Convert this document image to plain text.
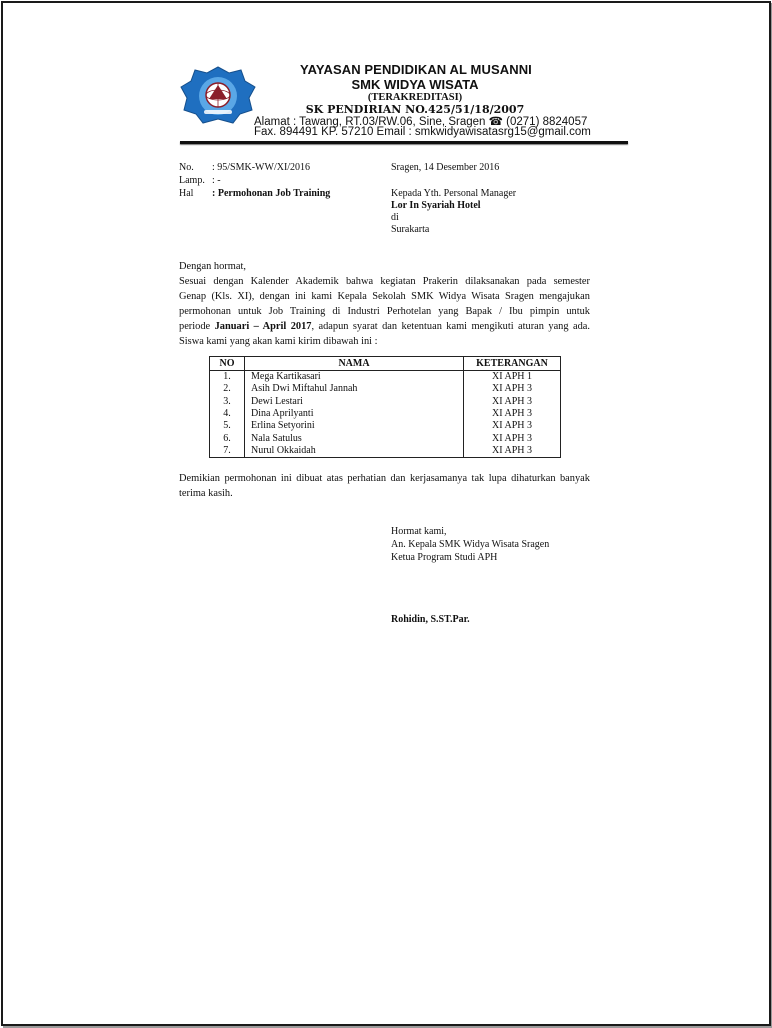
YAYASAN PENDIDIKAN AL MUSANNI
SMK WIDYA WISATA
(TERAKREDITASI)
SK PENDIRIAN NO.425/51/18/2007
Alamat : Tawang, RT.03/RW.06, Sine, Sragen ☎ (0271) 8824057
Fax. 894491 KP. 57210 Email : smkwidyawisatasrg15@gmail.com
No. : 95/SMK-WW/XI/2016
Lamp. : -
Hal : Permohonan Job Training
Sragen, 14 Desember 2016
Kepada Yth. Personal Manager
Lor In Syariah Hotel
di
Surakarta
Dengan hormat,
Sesuai dengan Kalender Akademik bahwa kegiatan Prakerin dilaksanakan pada semester
Genap (Kls. XI), dengan ini kami Kepala Sekolah SMK Widya Wisata Sragen mengajukan
permohonan untuk Job Training di Industri Perhotelan yang Bapak / Ibu pimpin untuk
periode Januari – April 2017, adapun syarat dan ketentuan kami mengikuti aturan yang ada.
Siswa kami yang akan kami kirim dibawah ini :
NO	NAMA	KETERANGAN
1.	Mega Kartikasari	XI APH 1
2.	Asih Dwi Miftahul Jannah	XI APH 3
3.	Dewi Lestari	XI APH 3
4.	Dina Aprilyanti	XI APH 3
5.	Erlina Setyorini	XI APH 3
6.	Nala Satulus	XI APH 3
7.	Nurul Okkaidah	XI APH 3
Demikian permohonan ini dibuat atas perhatian dan kerjasamanya tak lupa dihaturkan banyak
terima kasih.
Hormat kami,
An. Kepala SMK Widya Wisata Sragen
Ketua Program Studi APH
Rohidin, S.ST.Par.
